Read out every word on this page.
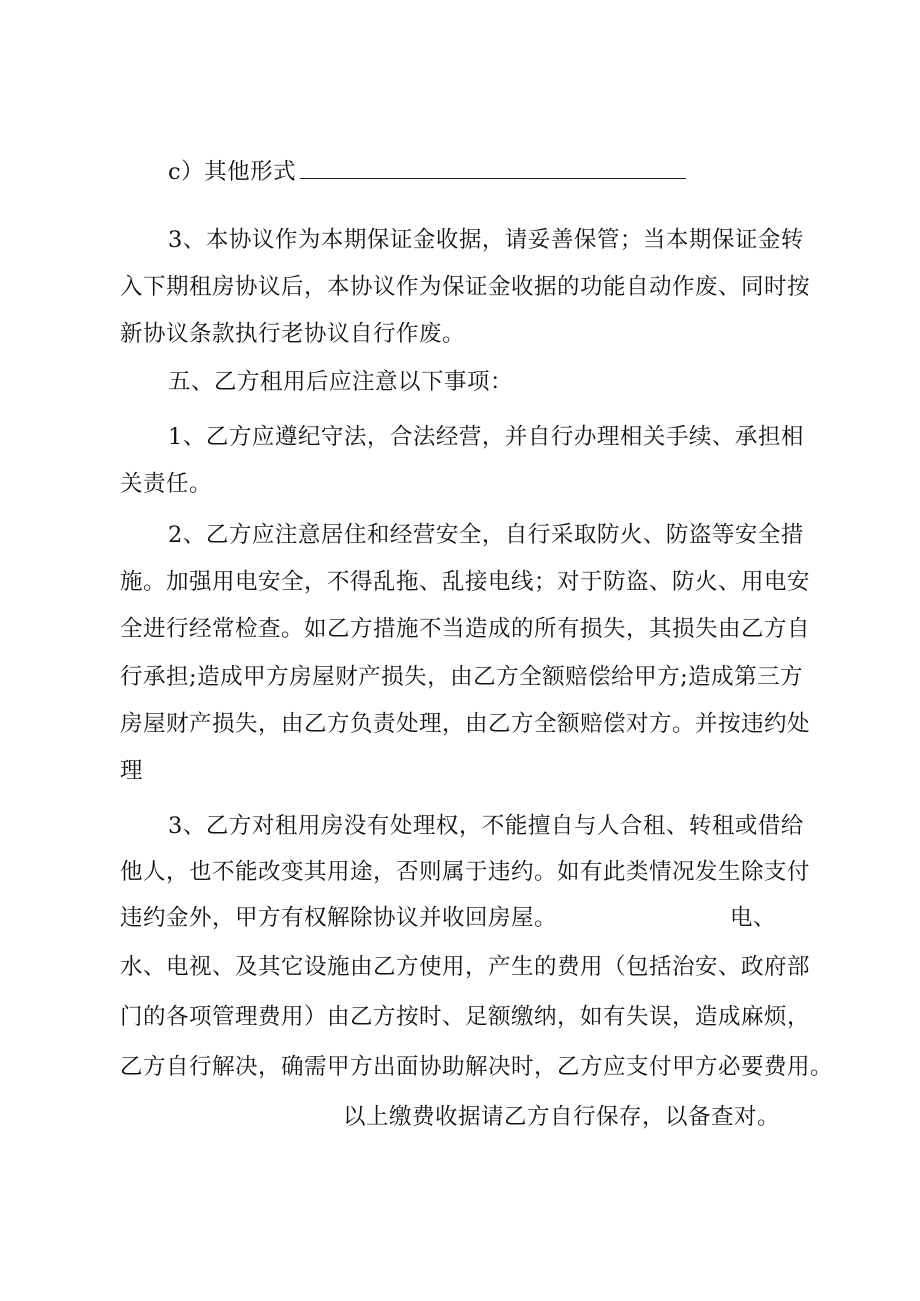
c）其他形式
3、本协议作为本期保证金收据，请妥善保管；当本期保证金转
入下期租房协议后，本协议作为保证金收据的功能自动作废、同时按
新协议条款执行老协议自行作废。
五、乙方租用后应注意以下事项：
1、乙方应遵纪守法，合法经营，并自行办理相关手续、承担相
关责任。
2、乙方应注意居住和经营安全，自行采取防火、防盗等安全措
施。加强用电安全，不得乱拖、乱接电线；对于防盗、防火、用电安
全进行经常检查。如乙方措施不当造成的所有损失，其损失由乙方自
行承担;造成甲方房屋财产损失，由乙方全额赔偿给甲方;造成第三方
房屋财产损失，由乙方负责处理，由乙方全额赔偿对方。并按违约处
理
3、乙方对租用房没有处理权，不能擅自与人合租、转租或借给
他人，也不能改变其用途，否则属于违约。如有此类情况发生除支付
违约金外，甲方有权解除协议并收回房屋。	电、
水、电视、及其它设施由乙方使用，产生的费用（包括治安、政府部
门的各项管理费用）由乙方按时、足额缴纳，如有失误，造成麻烦，
乙方自行解决，确需甲方出面协助解决时，乙方应支付甲方必要费用。
以上缴费收据请乙方自行保存，以备查对。
